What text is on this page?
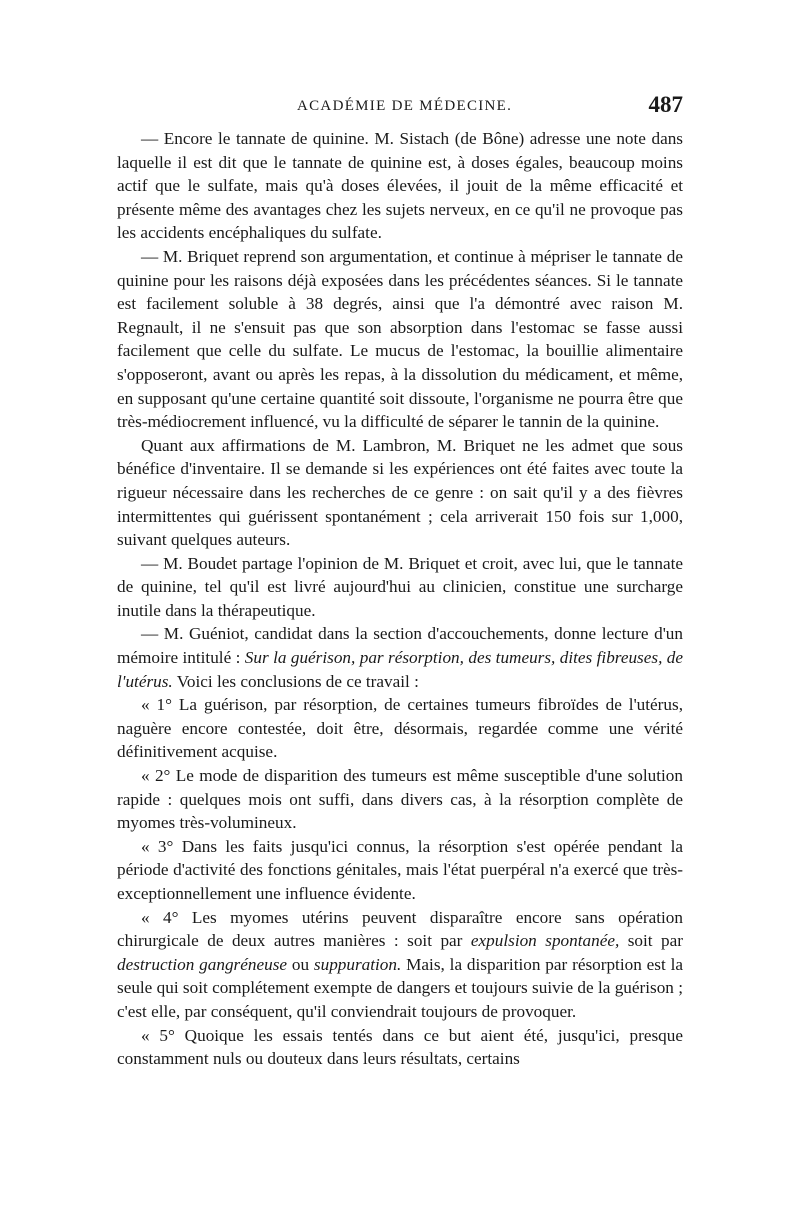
ACADÉMIE DE MÉDECINE.	487

— Encore le tannate de quinine. M. Sistach (de Bône) adresse une note dans laquelle il est dit que le tannate de quinine est, à doses égales, beaucoup moins actif que le sulfate, mais qu'à doses élevées, il jouit de la même efficacité et présente même des avantages chez les sujets nerveux, en ce qu'il ne provoque pas les accidents encéphaliques du sulfate.

— M. Briquet reprend son argumentation, et continue à mépriser le tannate de quinine pour les raisons déjà exposées dans les précédentes séances. Si le tannate est facilement soluble à 38 degrés, ainsi que l'a démontré avec raison M. Regnault, il ne s'ensuit pas que son absorption dans l'estomac se fasse aussi facilement que celle du sulfate. Le mucus de l'estomac, la bouillie alimentaire s'opposeront, avant ou après les repas, à la dissolution du médicament, et même, en supposant qu'une certaine quantité soit dissoute, l'organisme ne pourra être que très-médiocrement influencé, vu la difficulté de séparer le tannin de la quinine.

Quant aux affirmations de M. Lambron, M. Briquet ne les admet que sous bénéfice d'inventaire. Il se demande si les expériences ont été faites avec toute la rigueur nécessaire dans les recherches de ce genre : on sait qu'il y a des fièvres intermittentes qui guérissent spontanément ; cela arriverait 150 fois sur 1,000, suivant quelques auteurs.

— M. Boudet partage l'opinion de M. Briquet et croit, avec lui, que le tannate de quinine, tel qu'il est livré aujourd'hui au clinicien, constitue une surcharge inutile dans la thérapeutique.

— M. Guéniot, candidat dans la section d'accouchements, donne lecture d'un mémoire intitulé : Sur la guérison, par résorption, des tumeurs, dites fibreuses, de l'utérus. Voici les conclusions de ce travail :

« 1° La guérison, par résorption, de certaines tumeurs fibroïdes de l'utérus, naguère encore contestée, doit être, désormais, regardée comme une vérité définitivement acquise.

« 2° Le mode de disparition des tumeurs est même susceptible d'une solution rapide : quelques mois ont suffi, dans divers cas, à la résorption complète de myomes très-volumineux.

« 3° Dans les faits jusqu'ici connus, la résorption s'est opérée pendant la période d'activité des fonctions génitales, mais l'état puerpéral n'a exercé que très-exceptionnellement une influence évidente.

« 4° Les myomes utérins peuvent disparaître encore sans opération chirurgicale de deux autres manières : soit par expulsion spontanée, soit par destruction gangréneuse ou suppuration. Mais, la disparition par résorption est la seule qui soit complétement exempte de dangers et toujours suivie de la guérison ; c'est elle, par conséquent, qu'il conviendrait toujours de provoquer.

« 5° Quoique les essais tentés dans ce but aient été, jusqu'ici, presque constamment nuls ou douteux dans leurs résultats, certains
